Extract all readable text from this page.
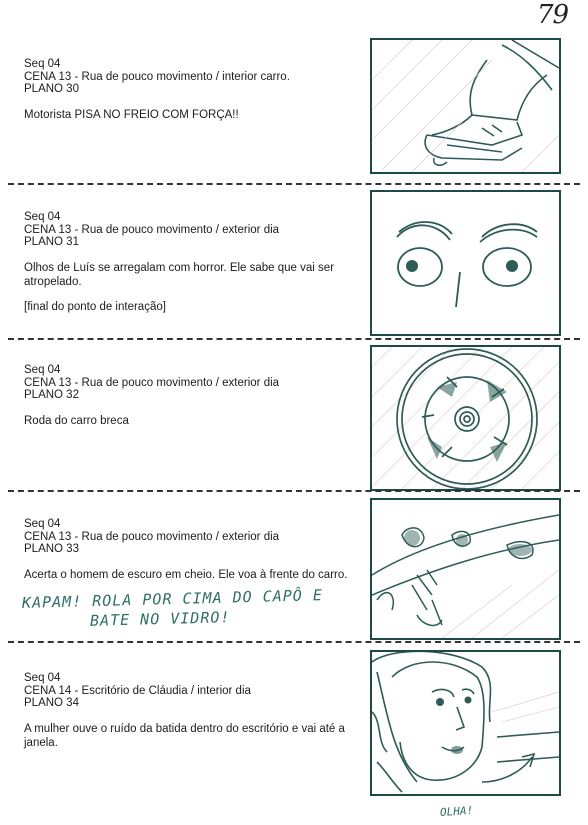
79
Seq 04
CENA 13 - Rua de pouco movimento / interior carro.
PLANO 30
Motorista PISA NO FREIO COM FORÇA!!
Seq 04
CENA 13 - Rua de pouco movimento / exterior dia
PLANO 31
Olhos de Luís se arregalam com horror. Ele sabe que vai ser atropelado.
[final do ponto de interação]
Seq 04
CENA 13 - Rua de pouco movimento / exterior dia
PLANO 32
Roda do carro breca
Seq 04
CENA 13 - Rua de pouco movimento / exterior dia
PLANO 33
Acerta o homem de escuro em cheio. Ele voa à frente do carro.
KAPAM! ROLA POR CIMA DO CAPÔ E
BATE NO VIDRO!
Seq 04
CENA 14 - Escritório de Cláudia / interior dia
PLANO 34
A mulher ouve o ruído da batida dentro do escritório e vai até a janela.
OLHA!
